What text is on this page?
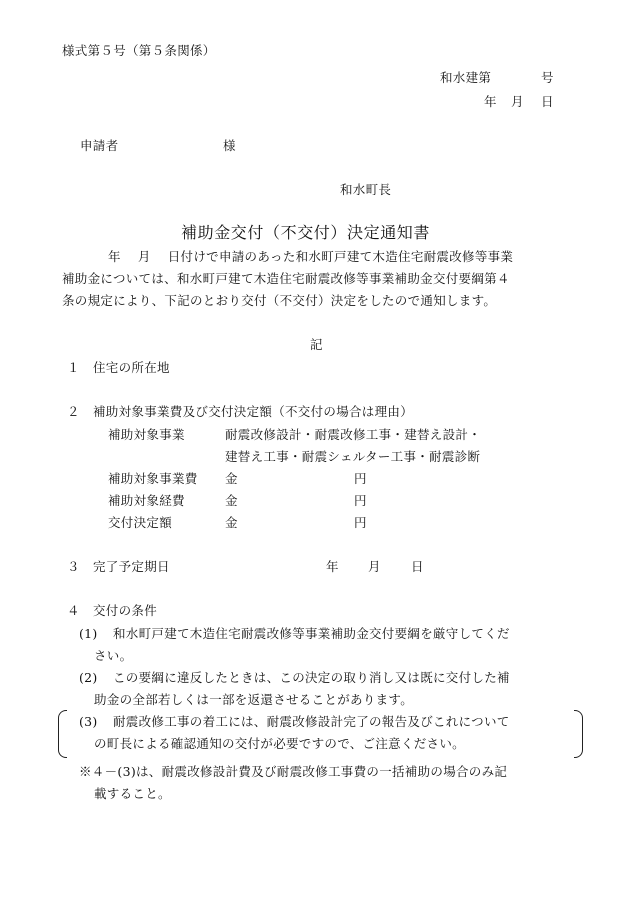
様式第５号（第５条関係）
和水建第	号
年 月 日
申請者	様
和水町長
補助金交付（不交付）決定通知書
年　 月　 日付けで申請のあった和水町戸建て木造住宅耐震改修等事業
補助金については、和水町戸建て木造住宅耐震改修等事業補助金交付要綱第４
条の規定により、下記のとおり交付（不交付）決定をしたので通知します。
記
１ 住宅の所在地
２ 補助対象事業費及び交付決定額（不交付の場合は理由）
補助対象事業	耐震改修設計・耐震改修工事・建替え設計・
建替え工事・耐震シェルター工事・耐震診断
補助対象事業費 金	円
補助対象経費	金	円
交付決定額	金	円
３ 完了予定期日	年 月 日
４ 交付の条件
(1) 和水町戸建て木造住宅耐震改修等事業補助金交付要綱を厳守してくだ
さい。
(2) この要綱に違反したときは、この決定の取り消し又は既に交付した補
助金の全部若しくは一部を返還させることがあります。
(3) 耐震改修工事の着工には、耐震改修設計完了の報告及びこれについて
の町長による確認通知の交付が必要ですので、ご注意ください。
※４－(3)は、耐震改修設計費及び耐震改修工事費の一括補助の場合のみ記
載すること。
